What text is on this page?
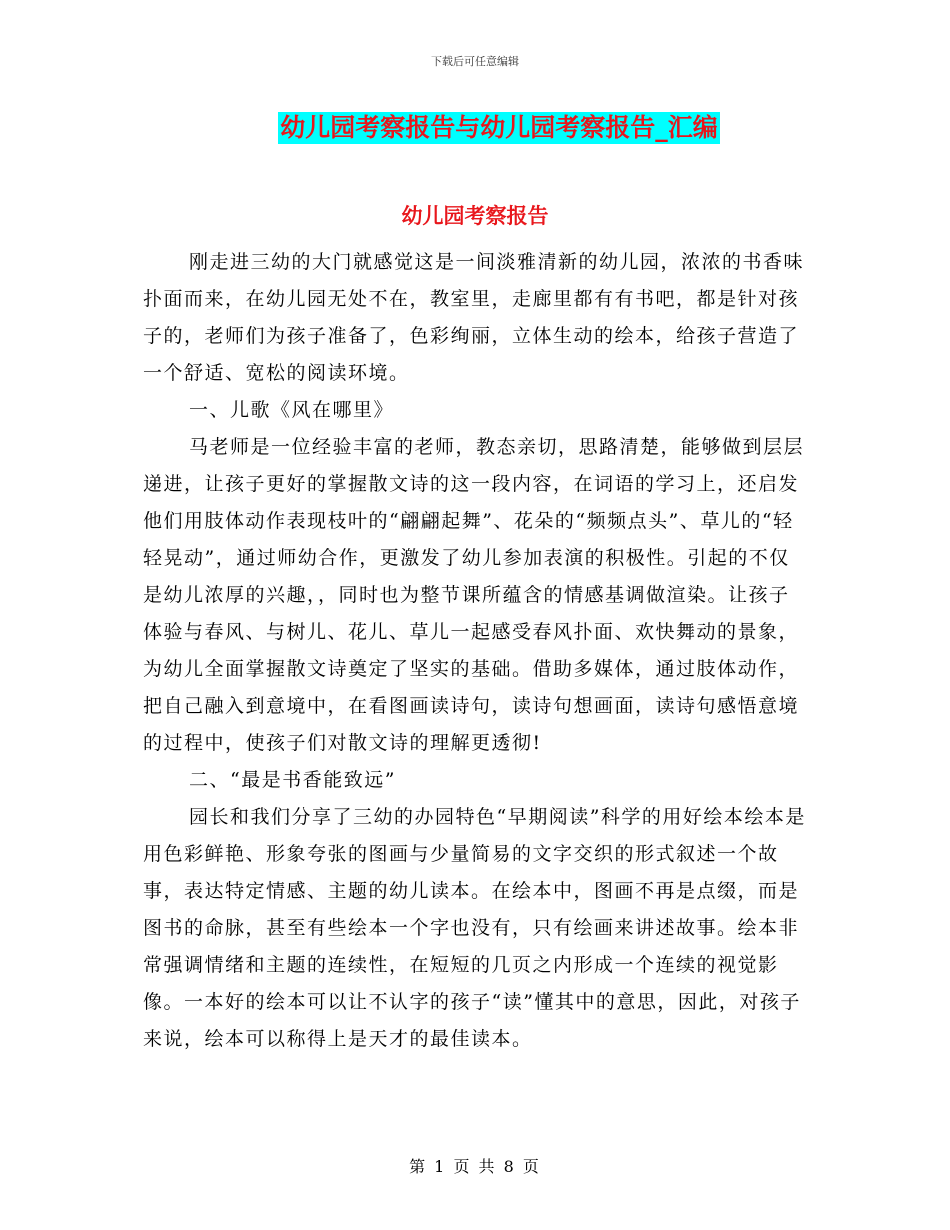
下载后可任意编辑
幼儿园考察报告与幼儿园考察报告_汇编
幼儿园考察报告

刚走进三幼的大门就感觉这是一间淡雅清新的幼儿园，浓浓的书香味扑面而来，在幼儿园无处不在，教室里，走廊里都有有书吧，都是针对孩子的，老师们为孩子准备了，色彩绚丽，立体生动的绘本，给孩子营造了一个舒适、宽松的阅读环境。

一、儿歌《风在哪里》

马老师是一位经验丰富的老师，教态亲切，思路清楚，能够做到层层递进，让孩子更好的掌握散文诗的这一段内容，在词语的学习上，还启发他们用肢体动作表现枝叶的“翩翩起舞”、花朵的“频频点头”、草儿的“轻轻晃动”，通过师幼合作，更激发了幼儿参加表演的积极性。引起的不仅是幼儿浓厚的兴趣，，同时也为整节课所蕴含的情感基调做渲染。让孩子体验与春风、与树儿、花儿、草儿一起感受春风扑面、欢快舞动的景象，为幼儿全面掌握散文诗奠定了坚实的基础。借助多媒体，通过肢体动作，把自己融入到意境中，在看图画读诗句，读诗句想画面，读诗句感悟意境的过程中，使孩子们对散文诗的理解更透彻!

二、“最是书香能致远”

园长和我们分享了三幼的办园特色“早期阅读”科学的用好绘本绘本是用色彩鲜艳、形象夸张的图画与少量简易的文字交织的形式叙述一个故事，表达特定情感、主题的幼儿读本。在绘本中，图画不再是点缀，而是图书的命脉，甚至有些绘本一个字也没有，只有绘画来讲述故事。绘本非常强调情绪和主题的连续性，在短短的几页之内形成一个连续的视觉影像。一本好的绘本可以让不认字的孩子“读”懂其中的意思，因此，对孩子来说，绘本可以称得上是天才的最佳读本。

第 1 页 共 8 页
